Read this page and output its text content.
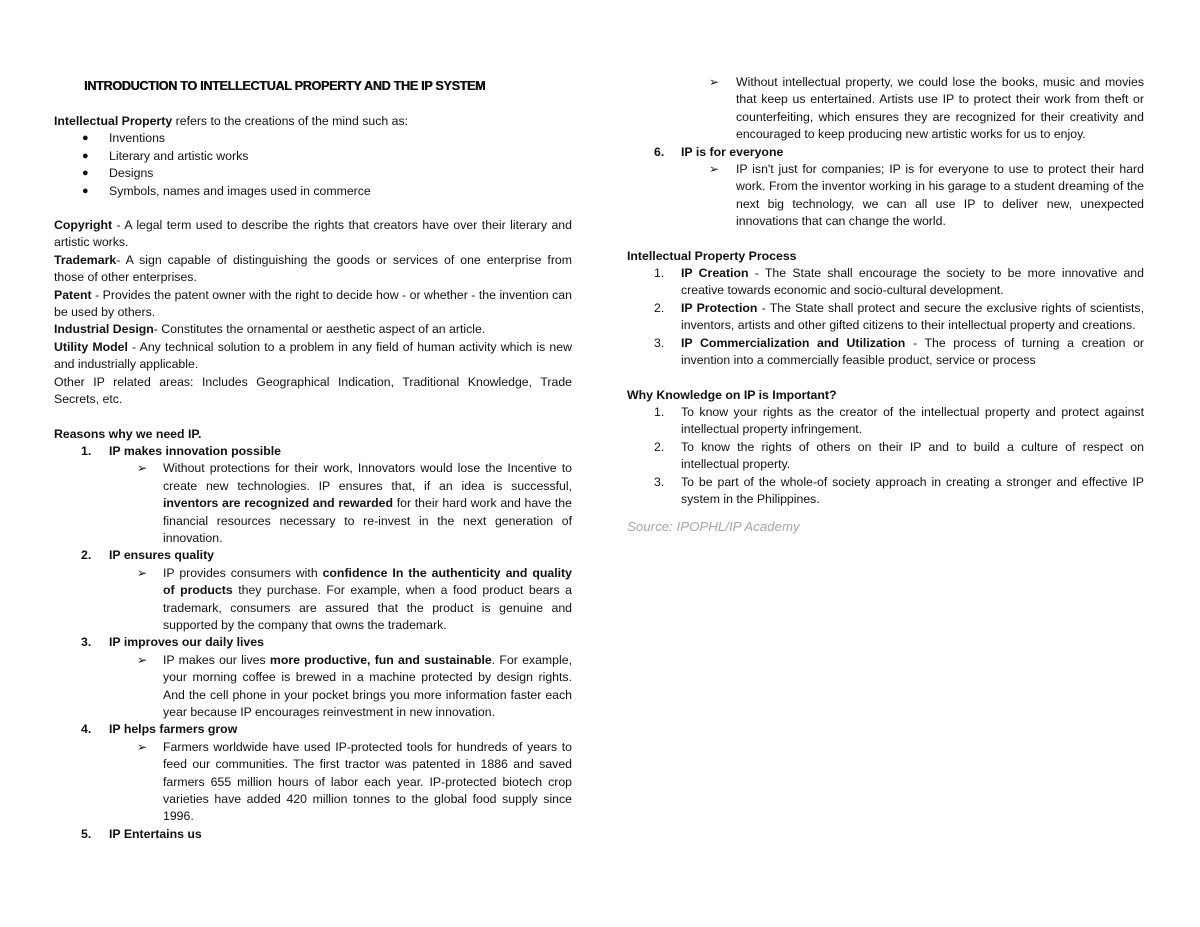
INTRODUCTION TO INTELLECTUAL PROPERTY AND THE IP SYSTEM
Intellectual Property refers to the creations of the mind such as:
● Inventions
● Literary and artistic works
● Designs
● Symbols, names and images used in commerce
Copyright - A legal term used to describe the rights that creators have over their literary and artistic works.
Trademark- A sign capable of distinguishing the goods or services of one enterprise from those of other enterprises.
Patent - Provides the patent owner with the right to decide how - or whether - the invention can be used by others.
Industrial Design- Constitutes the ornamental or aesthetic aspect of an article.
Utility Model - Any technical solution to a problem in any field of human activity which is new and industrially applicable.
Other IP related areas: Includes Geographical Indication, Traditional Knowledge, Trade Secrets, etc.
Reasons why we need IP.
1. IP makes innovation possible
➢ Without protections for their work, Innovators would lose the Incentive to create new technologies. IP ensures that, if an idea is successful, inventors are recognized and rewarded for their hard work and have the financial resources necessary to re-invest in the next generation of innovation.
2. IP ensures quality
➢ IP provides consumers with confidence In the authenticity and quality of products they purchase. For example, when a food product bears a trademark, consumers are assured that the product is genuine and supported by the company that owns the trademark.
3. IP improves our daily lives
➢ IP makes our lives more productive, fun and sustainable. For example, your morning coffee is brewed in a machine protected by design rights. And the cell phone in your pocket brings you more information faster each year because IP encourages reinvestment in new innovation.
4. IP helps farmers grow
➢ Farmers worldwide have used IP-protected tools for hundreds of years to feed our communities. The first tractor was patented in 1886 and saved farmers 655 million hours of labor each year. IP-protected biotech crop varieties have added 420 million tonnes to the global food supply since 1996.
5. IP Entertains us
➢ Without intellectual property, we could lose the books, music and movies that keep us entertained. Artists use IP to protect their work from theft or counterfeiting, which ensures they are recognized for their creativity and encouraged to keep producing new artistic works for us to enjoy.
6. IP is for everyone
➢ IP isn't just for companies; IP is for everyone to use to protect their hard work. From the inventor working in his garage to a student dreaming of the next big technology, we can all use IP to deliver new, unexpected innovations that can change the world.
Intellectual Property Process
1. IP Creation - The State shall encourage the society to be more innovative and creative towards economic and socio-cultural development.
2. IP Protection - The State shall protect and secure the exclusive rights of scientists, inventors, artists and other gifted citizens to their intellectual property and creations.
3. IP Commercialization and Utilization - The process of turning a creation or invention into a commercially feasible product, service or process
Why Knowledge on IP is Important?
1. To know your rights as the creator of the intellectual property and protect against intellectual property infringement.
2. To know the rights of others on their IP and to build a culture of respect on intellectual property.
3. To be part of the whole-of society approach in creating a stronger and effective IP system in the Philippines.
Source: IPOPHL/IP Academy
